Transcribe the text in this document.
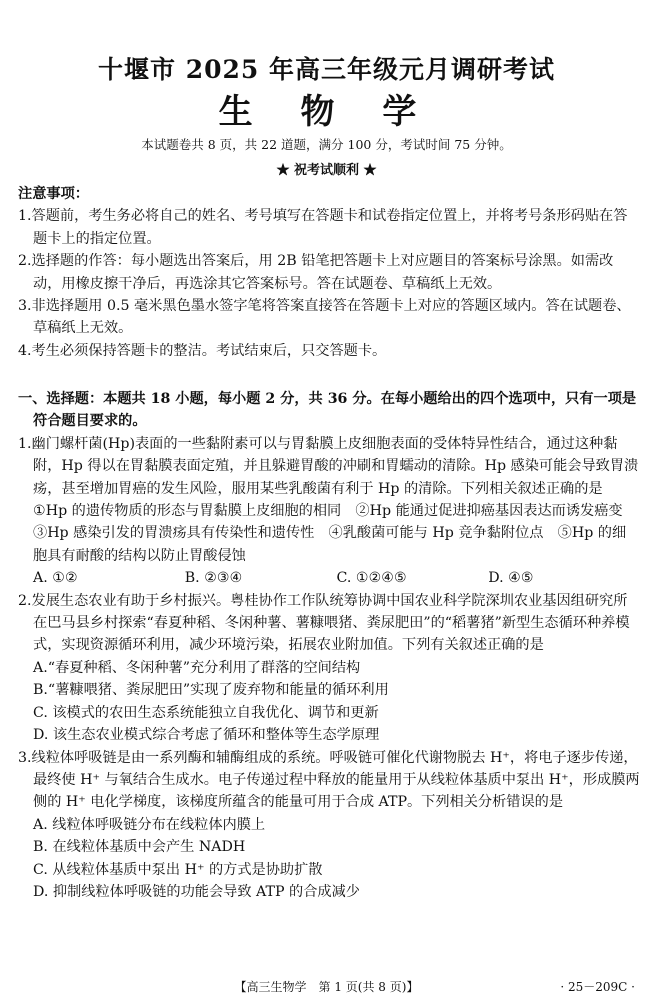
十堰市 2025 年高三年级元月调研考试
生 物 学
本试题卷共 8 页，共 22 道题，满分 100 分，考试时间 75 分钟。
★ 祝考试顺利 ★
注意事项：
1.答题前，考生务必将自己的姓名、考号填写在答题卡和试卷指定位置上，并将考号条形码贴在答题卡上的指定位置。
2.选择题的作答：每小题选出答案后，用 2B 铅笔把答题卡上对应题目的答案标号涂黑。如需改动，用橡皮擦干净后，再选涂其它答案标号。答在试题卷、草稿纸上无效。
3.非选择题用 0.5 毫米黑色墨水签字笔将答案直接答在答题卡上对应的答题区域内。答在试题卷、草稿纸上无效。
4.考生必须保持答题卡的整洁。考试结束后，只交答题卡。
一、选择题：本题共 18 小题，每小题 2 分，共 36 分。在每小题给出的四个选项中，只有一项是符合题目要求的。
1.幽门螺杆菌(Hp)表面的一些黏附素可以与胃黏膜上皮细胞表面的受体特异性结合，通过这种黏附，Hp 得以在胃黏膜表面定殖，并且躲避胃酸的冲刷和胃蠕动的清除。Hp 感染可能会导致胃溃疡，甚至增加胃癌的发生风险，服用某些乳酸菌有利于 Hp 的清除。下列相关叙述正确的是
①Hp 的遗传物质的形态与胃黏膜上皮细胞的相同　②Hp 能通过促进抑癌基因表达而诱发癌变　③Hp 感染引发的胃溃疡具有传染性和遗传性　④乳酸菌可能与 Hp 竞争黏附位点　⑤Hp 的细胞具有耐酸的结构以防止胃酸侵蚀
A. ①②	B. ②③④	C. ①②④⑤	D. ④⑤
2.发展生态农业有助于乡村振兴。粤桂协作工作队统筹协调中国农业科学院深圳农业基因组研究所在巴马县乡村探索“春夏种稻、冬闲种薯、薯糠喂猪、粪尿肥田”的“稻薯猪”新型生态循环种养模式，实现资源循环利用，减少环境污染，拓展农业附加值。下列有关叙述正确的是
A.“春夏种稻、冬闲种薯”充分利用了群落的空间结构
B.“薯糠喂猪、粪尿肥田”实现了废弃物和能量的循环利用
C. 该模式的农田生态系统能独立自我优化、调节和更新
D. 该生态农业模式综合考虑了循环和整体等生态学原理
3.线粒体呼吸链是由一系列酶和辅酶组成的系统。呼吸链可催化代谢物脱去 H⁺，将电子逐步传递，最终使 H⁺ 与氧结合生成水。电子传递过程中释放的能量用于从线粒体基质中泵出 H⁺，形成膜两侧的 H⁺ 电化学梯度，该梯度所蕴含的能量可用于合成 ATP。下列相关分析错误的是
A. 线粒体呼吸链分布在线粒体内膜上
B. 在线粒体基质中会产生 NADH
C. 从线粒体基质中泵出 H⁺ 的方式是协助扩散
D. 抑制线粒体呼吸链的功能会导致 ATP 的合成减少
【高三生物学　第 1 页(共 8 页)】	· 25－209C ·
